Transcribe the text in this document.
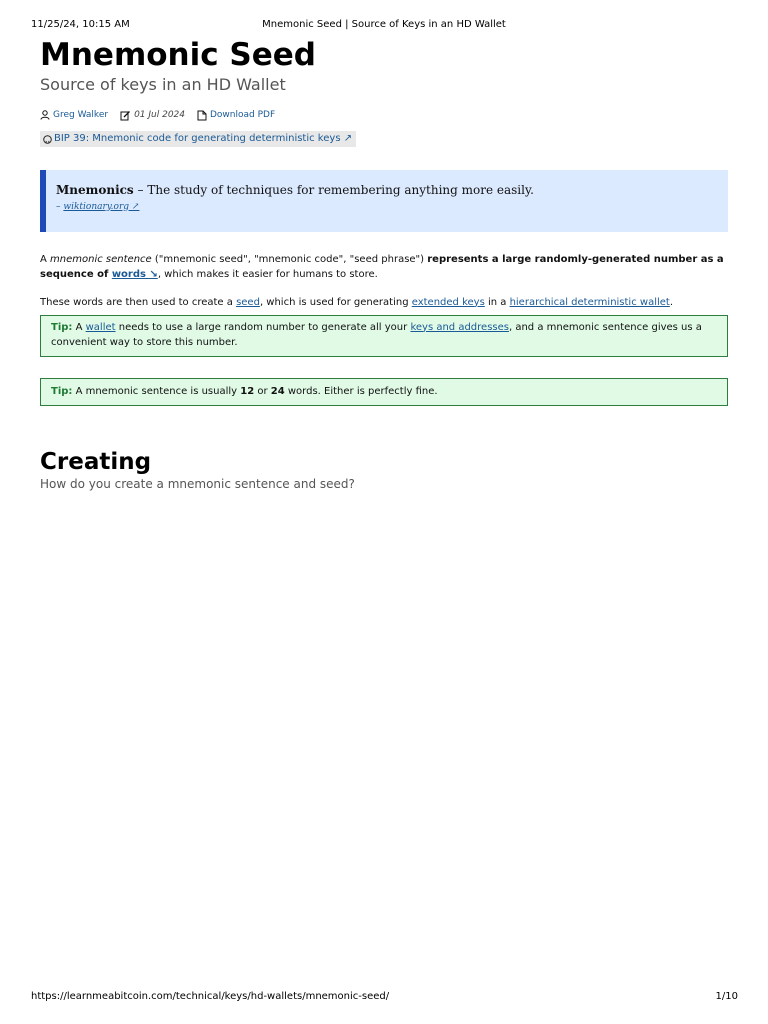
11/25/24, 10:15 AM	Mnemonic Seed | Source of Keys in an HD Wallet
Mnemonic Seed
Source of keys in an HD Wallet
Greg Walker	01 Jul 2024	Download PDF
BIP 39: Mnemonic code for generating deterministic keys ↗
Mnemonics – The study of techniques for remembering anything more easily.
– wiktionary.org ↗

A mnemonic sentence ("mnemonic seed", "mnemonic code", "seed phrase") represents a large randomly-generated number as a sequence of words ↘, which makes it easier for humans to store.

These words are then used to create a seed, which is used for generating extended keys in a hierarchical deterministic wallet.

Tip: A wallet needs to use a large random number to generate all your keys and addresses, and a mnemonic sentence gives us a convenient way to store this number.
Tip: A mnemonic sentence is usually 12 or 24 words. Either is perfectly fine.
Creating
How do you create a mnemonic sentence and seed?
https://learnmeabitcoin.com/technical/keys/hd-wallets/mnemonic-seed/	1/10
